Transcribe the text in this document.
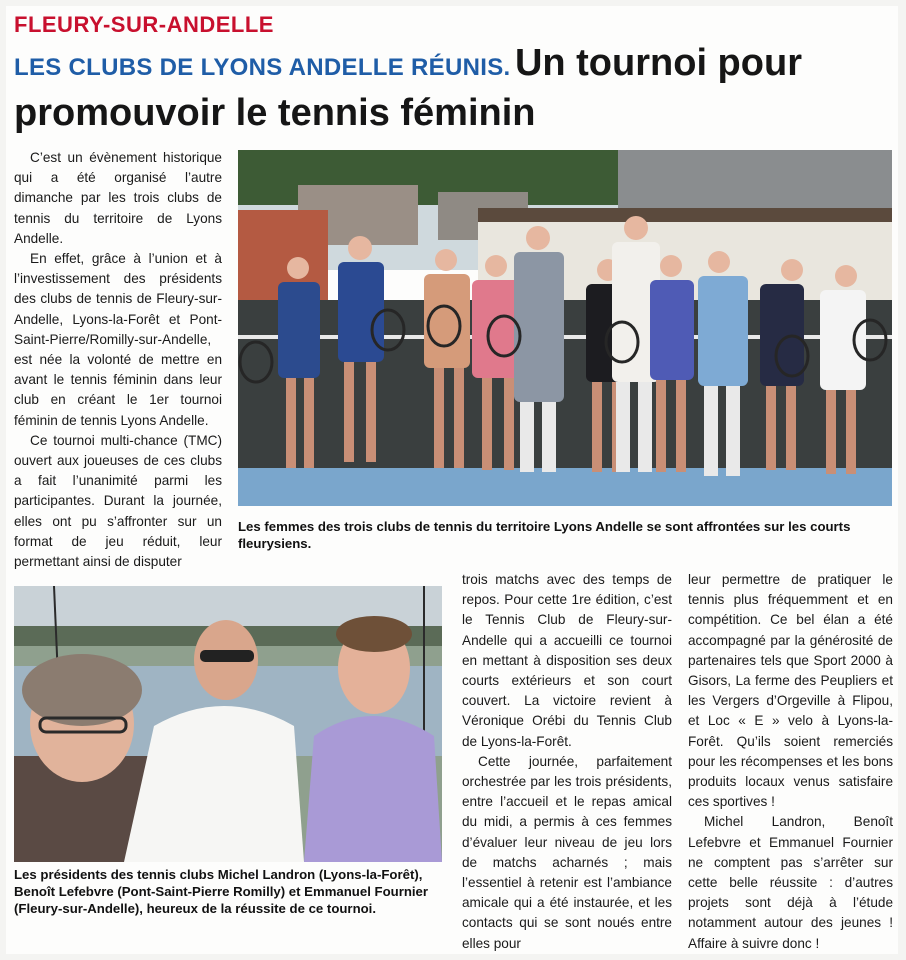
FLEURY-SUR-ANDELLE
LES CLUBS DE LYONS ANDELLE RÉUNIS. Un tournoi pour promouvoir le tennis féminin

C’est un évènement historique qui a été organisé l’autre dimanche par les trois clubs de tennis du territoire de Lyons Andelle.

En effet, grâce à l’union et à l’investissement des présidents des clubs de tennis de Fleury-sur-Andelle, Lyons-la-Forêt et Pont-Saint-Pierre/Romilly-sur-Andelle, est née la volonté de mettre en avant le tennis féminin dans leur club en créant le 1er tournoi féminin de tennis Lyons Andelle.

Ce tournoi multi-chance (TMC) ouvert aux joueuses de ces clubs a fait l’unanimité parmi les participantes. Durant la journée, elles ont pu s’affronter sur un format de jeu réduit, leur permettant ainsi de disputer

Les femmes des trois clubs de tennis du territoire Lyons Andelle se sont affrontées sur les courts fleurysiens.
Les présidents des tennis clubs Michel Landron (Lyons-la-Forêt), Benoît Lefebvre (Pont-Saint-Pierre Romilly) et Emmanuel Fournier (Fleury-sur-Andelle), heureux de la réussite de ce tournoi.

trois matchs avec des temps de repos. Pour cette 1re édition, c’est le Tennis Club de Fleury-sur-Andelle qui a accueilli ce tournoi en mettant à disposition ses deux courts extérieurs et son court couvert. La victoire revient à Véronique Orébi du Tennis Club de Lyons-la-Forêt.

Cette journée, parfaitement orchestrée par les trois présidents, entre l’accueil et le repas amical du midi, a permis à ces femmes d’évaluer leur niveau de jeu lors de matchs acharnés ; mais l’essentiel à retenir est l’ambiance amicale qui a été instaurée, et les contacts qui se sont noués entre elles pour

leur permettre de pratiquer le tennis plus fréquemment et en compétition. Ce bel élan a été accompagné par la générosité de partenaires tels que Sport 2000 à Gisors, La ferme des Peupliers et les Vergers d’Orgeville à Flipou, et Loc « E » velo à Lyons-la-Forêt. Qu’ils soient remerciés pour les récompenses et les bons produits locaux venus satisfaire ces sportives !

Michel Landron, Benoît Lefebvre et Emmanuel Fournier ne comptent pas s’arrêter sur cette belle réussite : d’autres projets sont déjà à l’étude notamment autour des jeunes ! Affaire à suivre donc !
